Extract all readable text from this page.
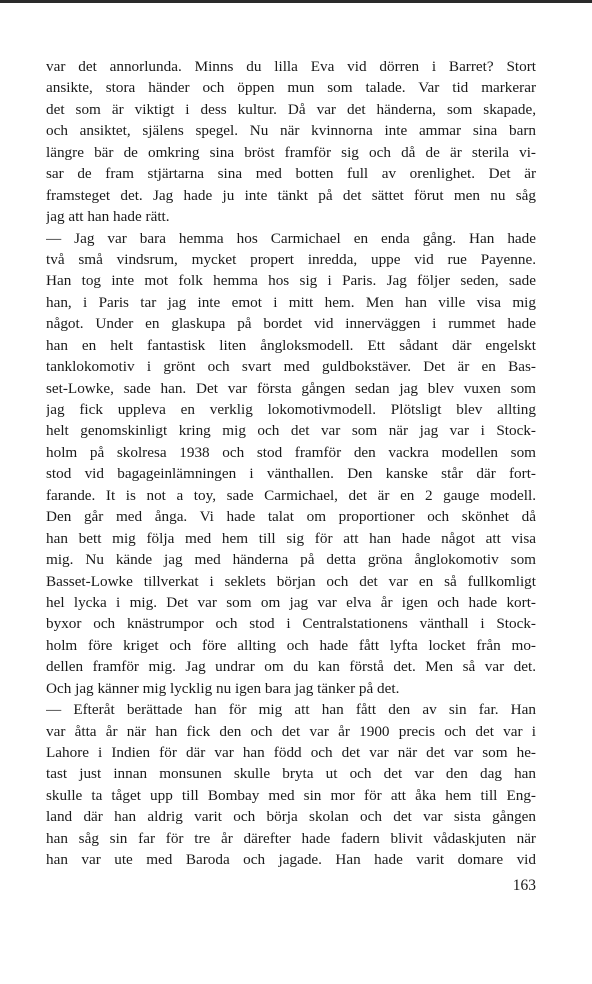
var det annorlunda. Minns du lilla Eva vid dörren i Barret? Stort
ansikte, stora händer och öppen mun som talade. Var tid markerar
det som är viktigt i dess kultur. Då var det händerna, som skapade,
och ansiktet, själens spegel. Nu när kvinnorna inte ammar sina barn
längre bär de omkring sina bröst framför sig och då de är sterila vi-
sar de fram stjärtarna sina med botten full av orenlighet. Det är
framsteget det. Jag hade ju inte tänkt på det sättet förut men nu såg
jag att han hade rätt.
— Jag var bara hemma hos Carmichael en enda gång. Han hade
två små vindsrum, mycket propert inredda, uppe vid rue Payenne.
Han tog inte mot folk hemma hos sig i Paris. Jag följer seden, sade
han, i Paris tar jag inte emot i mitt hem. Men han ville visa mig
något. Under en glaskupa på bordet vid innerväggen i rummet hade
han en helt fantastisk liten ångloksmodell. Ett sådant där engelskt
tanklokomotiv i grönt och svart med guldbokstäver. Det är en Bas-
set-Lowke, sade han. Det var första gången sedan jag blev vuxen som
jag fick uppleva en verklig lokomotivmodell. Plötsligt blev allting
helt genomskinligt kring mig och det var som när jag var i Stock-
holm på skolresa 1938 och stod framför den vackra modellen som
stod vid bagageinlämningen i vänthallen. Den kanske står där fort-
farande. It is not a toy, sade Carmichael, det är en 2 gauge modell.
Den går med ånga. Vi hade talat om proportioner och skönhet då
han bett mig följa med hem till sig för att han hade något att visa
mig. Nu kände jag med händerna på detta gröna ånglokomotiv som
Basset-Lowke tillverkat i seklets början och det var en så fullkomligt
hel lycka i mig. Det var som om jag var elva år igen och hade kort-
byxor och knästrumpor och stod i Centralstationens vänthall i Stock-
holm före kriget och före allting och hade fått lyfta locket från mo-
dellen framför mig. Jag undrar om du kan förstå det. Men så var det.
Och jag känner mig lycklig nu igen bara jag tänker på det.
— Efteråt berättade han för mig att han fått den av sin far. Han
var åtta år när han fick den och det var år 1900 precis och det var i
Lahore i Indien för där var han född och det var när det var som he-
tast just innan monsunen skulle bryta ut och det var den dag han
skulle ta tåget upp till Bombay med sin mor för att åka hem till Eng-
land där han aldrig varit och börja skolan och det var sista gången
han såg sin far för tre år därefter hade fadern blivit vådaskjuten när
han var ute med Baroda och jagade. Han hade varit domare vid
163
